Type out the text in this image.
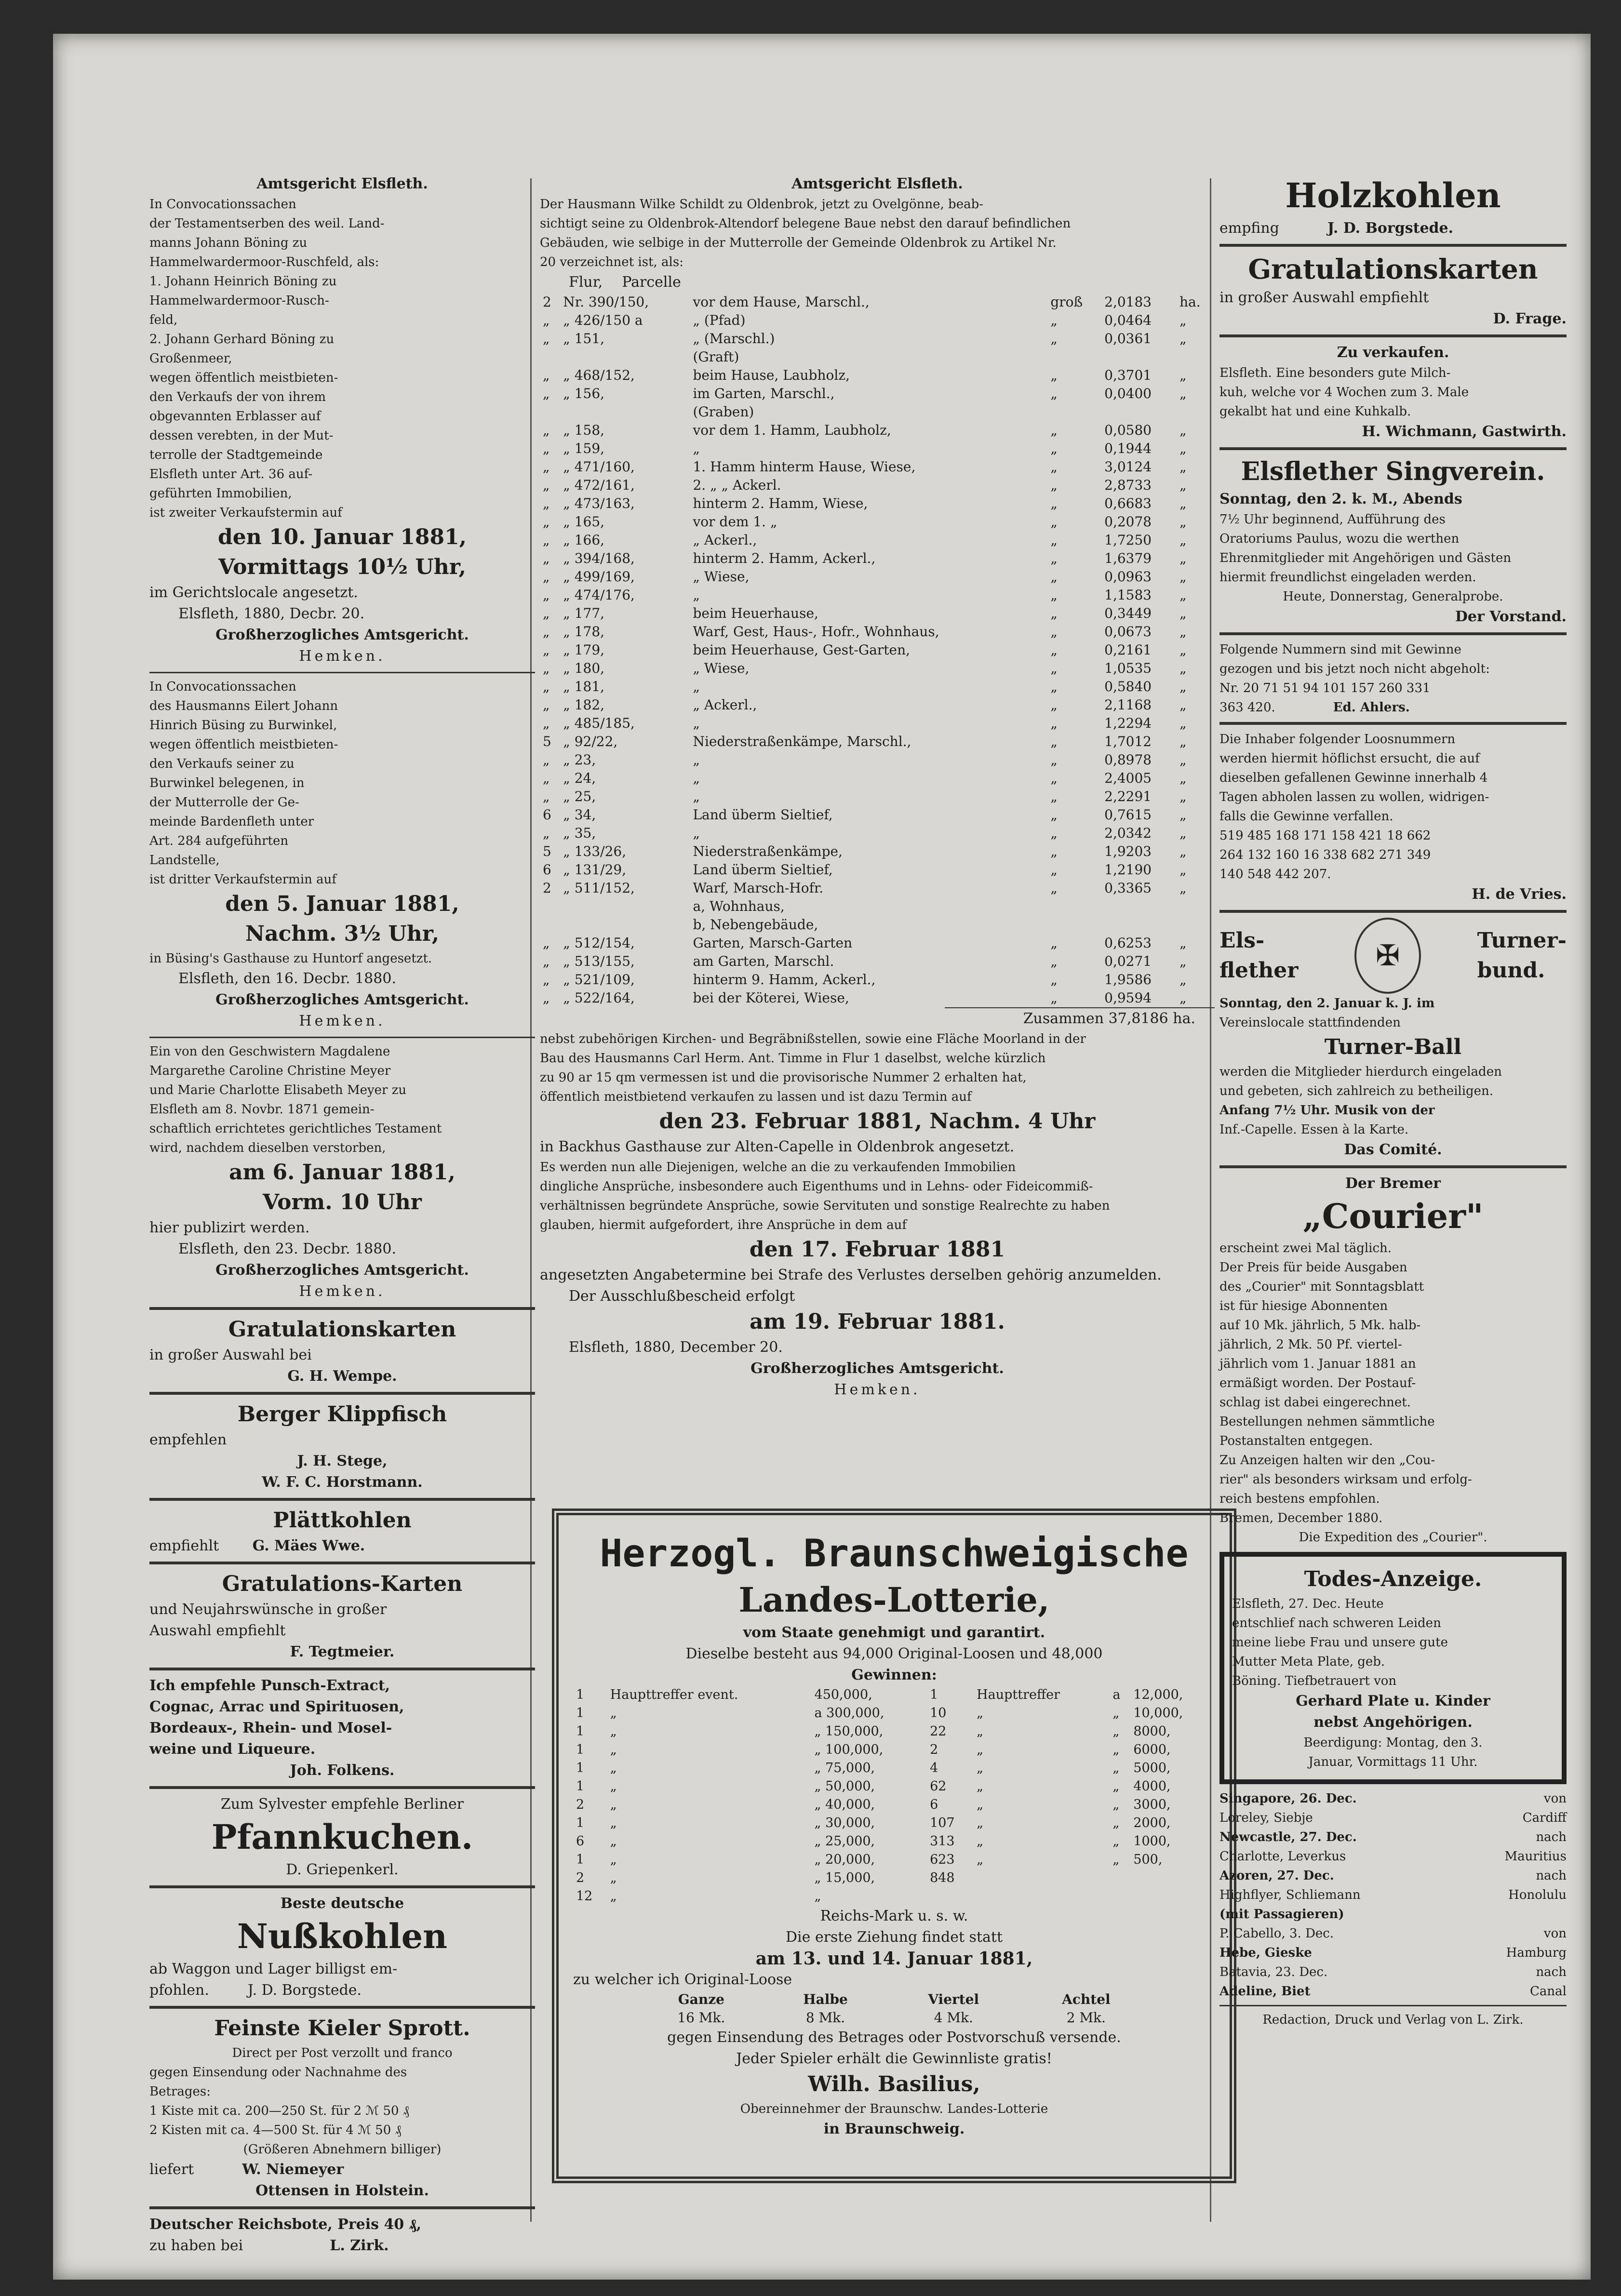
Amtsgericht Elsfleth.
In Convocationssachen
der Testamentserben des weil. Land-
manns Johann Böning zu
Hammelwardermoor-Ruschfeld, als:
1. Johann Heinrich Böning zu
Hammelwardermoor-Rusch-
feld,
2. Johann Gerhard Böning zu
Großenmeer,
wegen öffentlich meistbieten-
den Verkaufs der von ihrem
obgevannten Erblasser auf
dessen verebten, in der Mut-
terrolle der Stadtgemeinde
Elsfleth unter Art. 36 auf-
geführten Immobilien,
ist zweiter Verkaufstermin auf
den 10. Januar 1881,
Vormittags 10½ Uhr,
im Gerichtslocale angesetzt.
Elsfleth, 1880, Decbr. 20.
Großherzogliches Amtsgericht.
Hemken.
In Convocationssachen
des Hausmanns Eilert Johann
Hinrich Büsing zu Burwinkel,
wegen öffentlich meistbieten-
den Verkaufs seiner zu
Burwinkel belegenen, in
der Mutterrolle der Ge-
meinde Bardenfleth unter
Art. 284 aufgeführten
Landstelle,
ist dritter Verkaufstermin auf
den 5. Januar 1881,
Nachm. 3½ Uhr,
in Büsing's Gasthause zu Huntorf angesetzt.
Elsfleth, den 16. Decbr. 1880.
Großherzogliches Amtsgericht.
Hemken.
Ein von den Geschwistern Magdalene
Margarethe Caroline Christine Meyer
und Marie Charlotte Elisabeth Meyer zu
Elsfleth am 8. Novbr. 1871 gemein-
schaftlich errichtetes gerichtliches Testament
wird, nachdem dieselben verstorben,
am 6. Januar 1881,
Vorm. 10 Uhr
hier publizirt werden.
Elsfleth, den 23. Decbr. 1880.
Großherzogliches Amtsgericht.
Hemken.
Gratulationskarten
in großer Auswahl bei
G. H. Wempe.
Berger Klippfisch
empfehlen
J. H. Stege,
W. F. C. Horstmann.
Plättkohlen
empfiehlt G. Mäes Wwe.
Gratulations-Karten
und Neujahrswünsche in großer
Auswahl empfiehlt
F. Tegtmeier.
Ich empfehle Punsch-Extract,
Cognac, Arrac und Spirituosen,
Bordeaux-, Rhein- und Mosel-
weine und Liqueure.
Joh. Folkens.
Zum Sylvester empfehle Berliner
Pfannkuchen.
D. Griepenkerl.
Beste deutsche
Nußkohlen
ab Waggon und Lager billigst em-
pfohlen.	J. D. Borgstede.
Feinste Kieler Sprott.
Direct per Post verzollt und franco
gegen Einsendung oder Nachnahme des
Betrages:
1 Kiste mit ca. 200—250 St. für 2 ℳ 50 ₰
2 Kisten mit ca. 4—500 St. für 4 ℳ 50 ₰
(Größeren Abnehmern billiger)
liefert	W. Niemeyer
Ottensen in Holstein.
Deutscher Reichsbote, Preis 40 ₰,
zu haben bei	L. Zirk.
Amtsgericht Elsfleth.
Der Hausmann Wilke Schildt zu Oldenbrok, jetzt zu Ovelgönne, beab-
sichtigt seine zu Oldenbrok-Altendorf belegene Baue nebst den darauf befindlichen
Gebäuden, wie selbige in der Mutterrolle der Gemeinde Oldenbrok zu Artikel Nr.
20 verzeichnet ist, als:
Flur, Parcelle
2	Nr. 390/150,	vor dem Hause, Marschl.,	groß	2,0183	ha.
„	„ 426/150 a	„ (Pfad)	„	0,0464	„
„	„ 151,	„ (Marschl.)	„	0,0361	„
		(Graft)			
„	„ 468/152,	beim Hause, Laubholz,	„	0,3701	„
„	„ 156,	im Garten, Marschl.,	„	0,0400	„
		(Graben)			
„	„ 158,	vor dem 1. Hamm, Laubholz,	„	0,0580	„
„	„ 159,	„	„	0,1944	„
„	„ 471/160,	1. Hamm hinterm Hause, Wiese,	„	3,0124	„
„	„ 472/161,	2. „ „ Ackerl.	„	2,8733	„
„	„ 473/163,	hinterm 2. Hamm, Wiese,	„	0,6683	„
„	„ 165,	vor dem 1. „	„	0,2078	„
„	„ 166,	„ Ackerl.,	„	1,7250	„
„	„ 394/168,	hinterm 2. Hamm, Ackerl.,	„	1,6379	„
„	„ 499/169,	„ Wiese,	„	0,0963	„
„	„ 474/176,	„	„	1,1583	„
„	„ 177,	beim Heuerhause,	„	0,3449	„
„	„ 178,	Warf, Gest, Haus-, Hofr., Wohnhaus,	„	0,0673	„
„	„ 179,	beim Heuerhause, Gest-Garten,	„	0,2161	„
„	„ 180,	„ Wiese,	„	1,0535	„
„	„ 181,	„	„	0,5840	„
„	„ 182,	„ Ackerl.,	„	2,1168	„
„	„ 485/185,	„	„	1,2294	„
5	„ 92/22,	Niederstraßenkämpe, Marschl.,	„	1,7012	„
„	„ 23,	„	„	0,8978	„
„	„ 24,	„	„	2,4005	„
„	„ 25,	„	„	2,2291	„
6	„ 34,	Land überm Sieltief,	„	0,7615	„
„	„ 35,	„	„	2,0342	„
5	„ 133/26,	Niederstraßenkämpe,	„	1,9203	„
6	„ 131/29,	Land überm Sieltief,	„	1,2190	„
2	„ 511/152,	Warf, Marsch-Hofr.	„	0,3365	„
		a, Wohnhaus,			
		b, Nebengebäude,			
„	„ 512/154,	Garten, Marsch-Garten	„	0,6253	„
„	„ 513/155,	am Garten, Marschl.	„	0,0271	„
„	„ 521/109,	hinterm 9. Hamm, Ackerl.,	„	1,9586	„
„	„ 522/164,	bei der Köterei, Wiese,	„	0,9594	„
Zusammen 37,8186 ha.
nebst zubehörigen Kirchen- und Begräbnißstellen, sowie eine Fläche Moorland in der
Bau des Hausmanns Carl Herm. Ant. Timme in Flur 1 daselbst, welche kürzlich
zu 90 ar 15 qm vermessen ist und die provisorische Nummer 2 erhalten hat,
öffentlich meistbietend verkaufen zu lassen und ist dazu Termin auf
den 23. Februar 1881, Nachm. 4 Uhr
in Backhus Gasthause zur Alten-Capelle in Oldenbrok angesetzt.
Es werden nun alle Diejenigen, welche an die zu verkaufenden Immobilien
dingliche Ansprüche, insbesondere auch Eigenthums und in Lehns- oder Fideicommiß-
verhältnissen begründete Ansprüche, sowie Servituten und sonstige Realrechte zu haben
glauben, hiermit aufgefordert, ihre Ansprüche in dem auf
den 17. Februar 1881
angesetzten Angabetermine bei Strafe des Verlustes derselben gehörig anzumelden.
Der Ausschlußbescheid erfolgt
am 19. Februar 1881.
Elsfleth, 1880, December 20.
Großherzogliches Amtsgericht.
Hemken.
Herzogl. Braunschweigische
Landes-Lotterie,
vom Staate genehmigt und garantirt.
Dieselbe besteht aus 94,000 Original-Loosen und 48,000
Gewinnen:
1	Haupttreffer event.	450,000,	1	Haupttreffer	a	12,000,
1	„	a 300,000,	10	„	„	10,000,
1	„	„ 150,000,	22	„	„	8000,
1	„	„ 100,000,	2	„	„	6000,
1	„	„ 75,000,	4	„	„	5000,
1	„	„ 50,000,	62	„	„	4000,
2	„	„ 40,000,	6	„	„	3000,
1	„	„ 30,000,	107	„	„	2000,
6	„	„ 25,000,	313	„	„	1000,
1	„	„ 20,000,	623	„	„	500,
2	„	„ 15,000,	848			
12	„	„				
Reichs-Mark u. s. w.
Die erste Ziehung findet statt
am 13. und 14. Januar 1881,
zu welcher ich Original-Loose
Ganze	Halbe	Viertel	Achtel
16 Mk.	8 Mk.	4 Mk.	2 Mk.
gegen Einsendung des Betrages oder Postvorschuß versende.
Jeder Spieler erhält die Gewinnliste gratis!
Wilh. Basilius,
Obereinnehmer der Braunschw. Landes-Lotterie
in Braunschweig.
Holzkohlen
empfing	J. D. Borgstede.
Gratulationskarten
in großer Auswahl empfiehlt
D. Frage.
Zu verkaufen.
Elsfleth. Eine besonders gute Milch-
kuh, welche vor 4 Wochen zum 3. Male
gekalbt hat und eine Kuhkalb.
H. Wichmann, Gastwirth.
Elsflether Singverein.
Sonntag, den 2. k. M., Abends
7½ Uhr beginnend, Aufführung des
Oratoriums Paulus, wozu die werthen
Ehrenmitglieder mit Angehörigen und Gästen
hiermit freundlichst eingeladen werden.
Heute, Donnerstag, Generalprobe.
Der Vorstand.
Folgende Nummern sind mit Gewinne
gezogen und bis jetzt noch nicht abgeholt:
Nr. 20 71 51 94 101 157 260 331
363 420.	Ed. Ahlers.
Die Inhaber folgender Loosnummern
werden hiermit höflichst ersucht, die auf
dieselben gefallenen Gewinne innerhalb 4
Tagen abholen lassen zu wollen, widrigen-
falls die Gewinne verfallen.
519 485 168 171 158 421 18 662
264 132 160 16 338 682 271 349
140 548 442 207.
H. de Vries.
Els-
flether	✠	Turner-
bund.
Sonntag, den 2. Januar k. J. im
Vereinslocale stattfindenden
Turner-Ball
werden die Mitglieder hierdurch eingeladen
und gebeten, sich zahlreich zu betheiligen.
Anfang 7½ Uhr. Musik von der
Inf.-Capelle. Essen à la Karte.
Das Comité.
Der Bremer
„Courier"
erscheint zwei Mal täglich.
Der Preis für beide Ausgaben
des „Courier" mit Sonntagsblatt
ist für hiesige Abonnenten
auf 10 Mk. jährlich, 5 Mk. halb-
jährlich, 2 Mk. 50 Pf. viertel-
jährlich vom 1. Januar 1881 an
ermäßigt worden. Der Postauf-
schlag ist dabei eingerechnet.
Bestellungen nehmen sämmtliche
Postanstalten entgegen.
Zu Anzeigen halten wir den „Cou-
rier" als besonders wirksam und erfolg-
reich bestens empfohlen.
Bremen, December 1880.
Die Expedition des „Courier".
Todes-Anzeige.
Elsfleth, 27. Dec. Heute
entschlief nach schweren Leiden
meine liebe Frau und unsere gute
Mutter Meta Plate, geb.
Böning. Tiefbetrauert von
Gerhard Plate u. Kinder
nebst Angehörigen.
Beerdigung: Montag, den 3.
Januar, Vormittags 11 Uhr.
Singapore, 26. Dec.	von
Loreley, Siebje	Cardiff
Newcastle, 27. Dec.	nach
Charlotte, Leverkus	Mauritius
Azoren, 27. Dec.	nach
Highflyer, Schliemann	Honolulu
(mit Passagieren)
P. Cabello, 3. Dec.	von
Hebe, Gieske	Hamburg
Batavia, 23. Dec.	nach
Adeline, Biet	Canal
Redaction, Druck und Verlag von L. Zirk.
